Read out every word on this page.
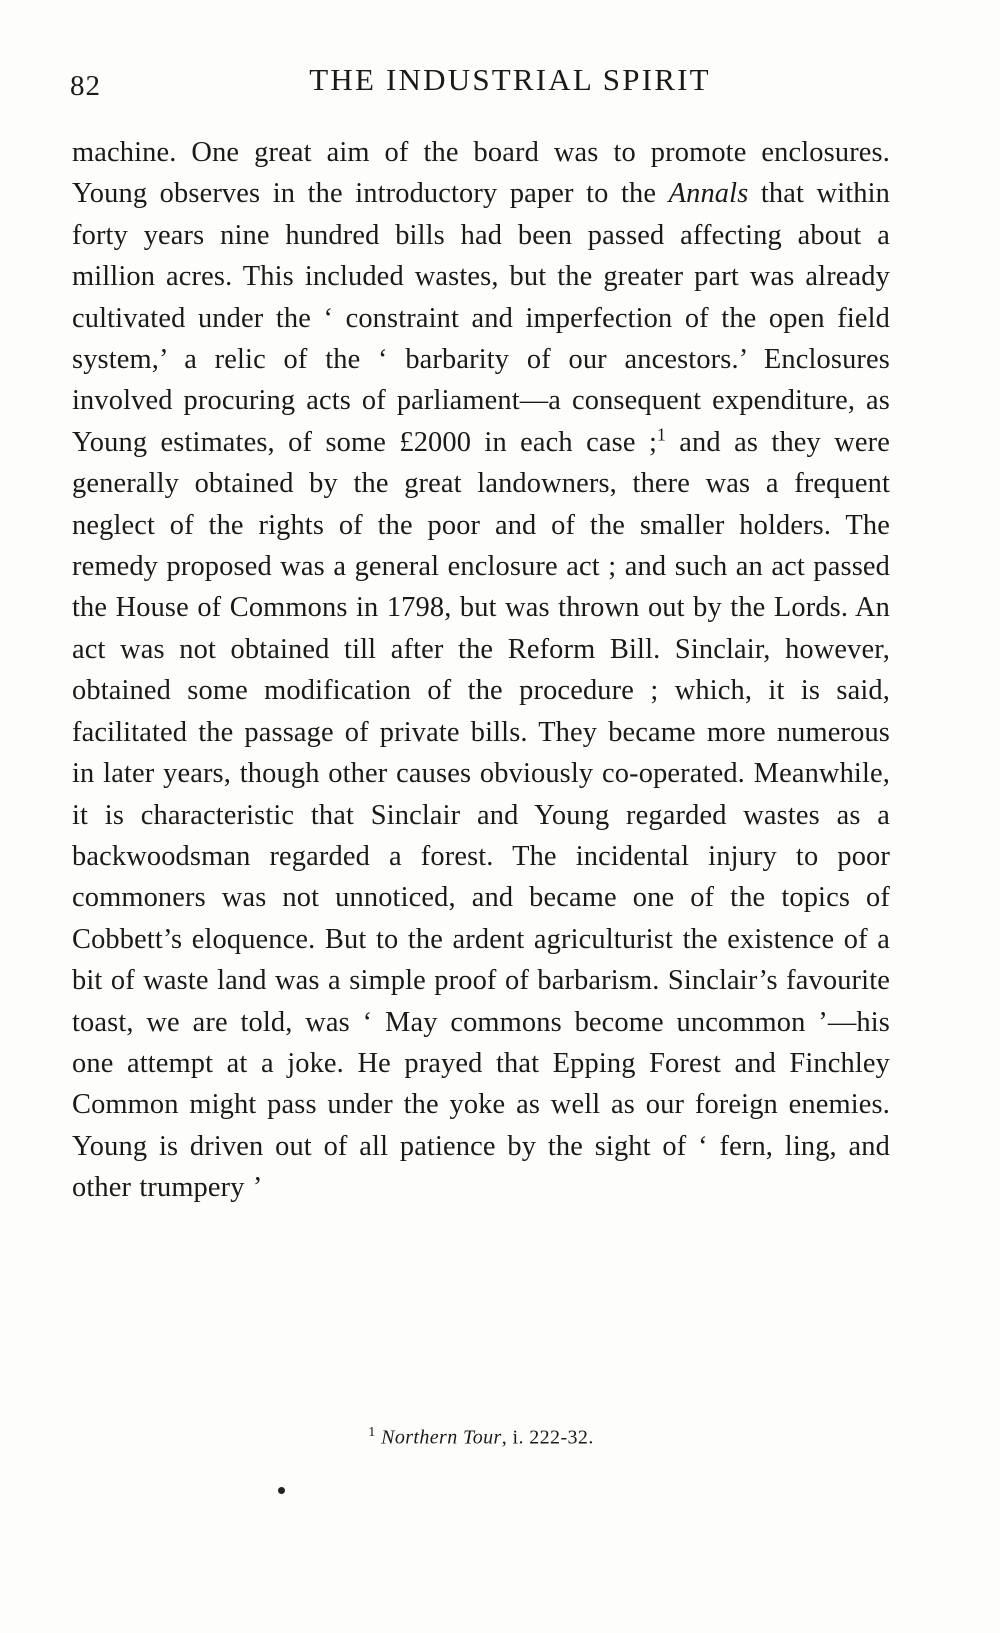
82	THE INDUSTRIAL SPIRIT

machine. One great aim of the board was to promote enclosures. Young observes in the introductory paper to the Annals that within forty years nine hundred bills had been passed affecting about a million acres. This included wastes, but the greater part was already cultivated under the ‘ constraint and imperfection of the open field system,’ a relic of the ‘ barbarity of our ancestors.’ Enclosures involved procuring acts of parliament—a consequent expenditure, as Young estimates, of some £2000 in each case ;$^1$ and as they were generally obtained by the great landowners, there was a frequent neglect of the rights of the poor and of the smaller holders. The remedy proposed was a general enclosure act ; and such an act passed the House of Commons in 1798, but was thrown out by the Lords. An act was not obtained till after the Reform Bill. Sinclair, however, obtained some modification of the procedure ; which, it is said, facilitated the passage of private bills. They became more numerous in later years, though other causes obviously co-operated. Meanwhile, it is characteristic that Sinclair and Young regarded wastes as a backwoodsman regarded a forest. The incidental injury to poor commoners was not unnoticed, and became one of the topics of Cobbett’s eloquence. But to the ardent agriculturist the existence of a bit of waste land was a simple proof of barbarism. Sinclair’s favourite toast, we are told, was ‘ May commons become uncommon ’—his one attempt at a joke. He prayed that Epping Forest and Finchley Common might pass under the yoke as well as our foreign enemies. Young is driven out of all patience by the sight of ‘ fern, ling, and other trumpery ’

$^1$ Northern Tour, i. 222-32.
